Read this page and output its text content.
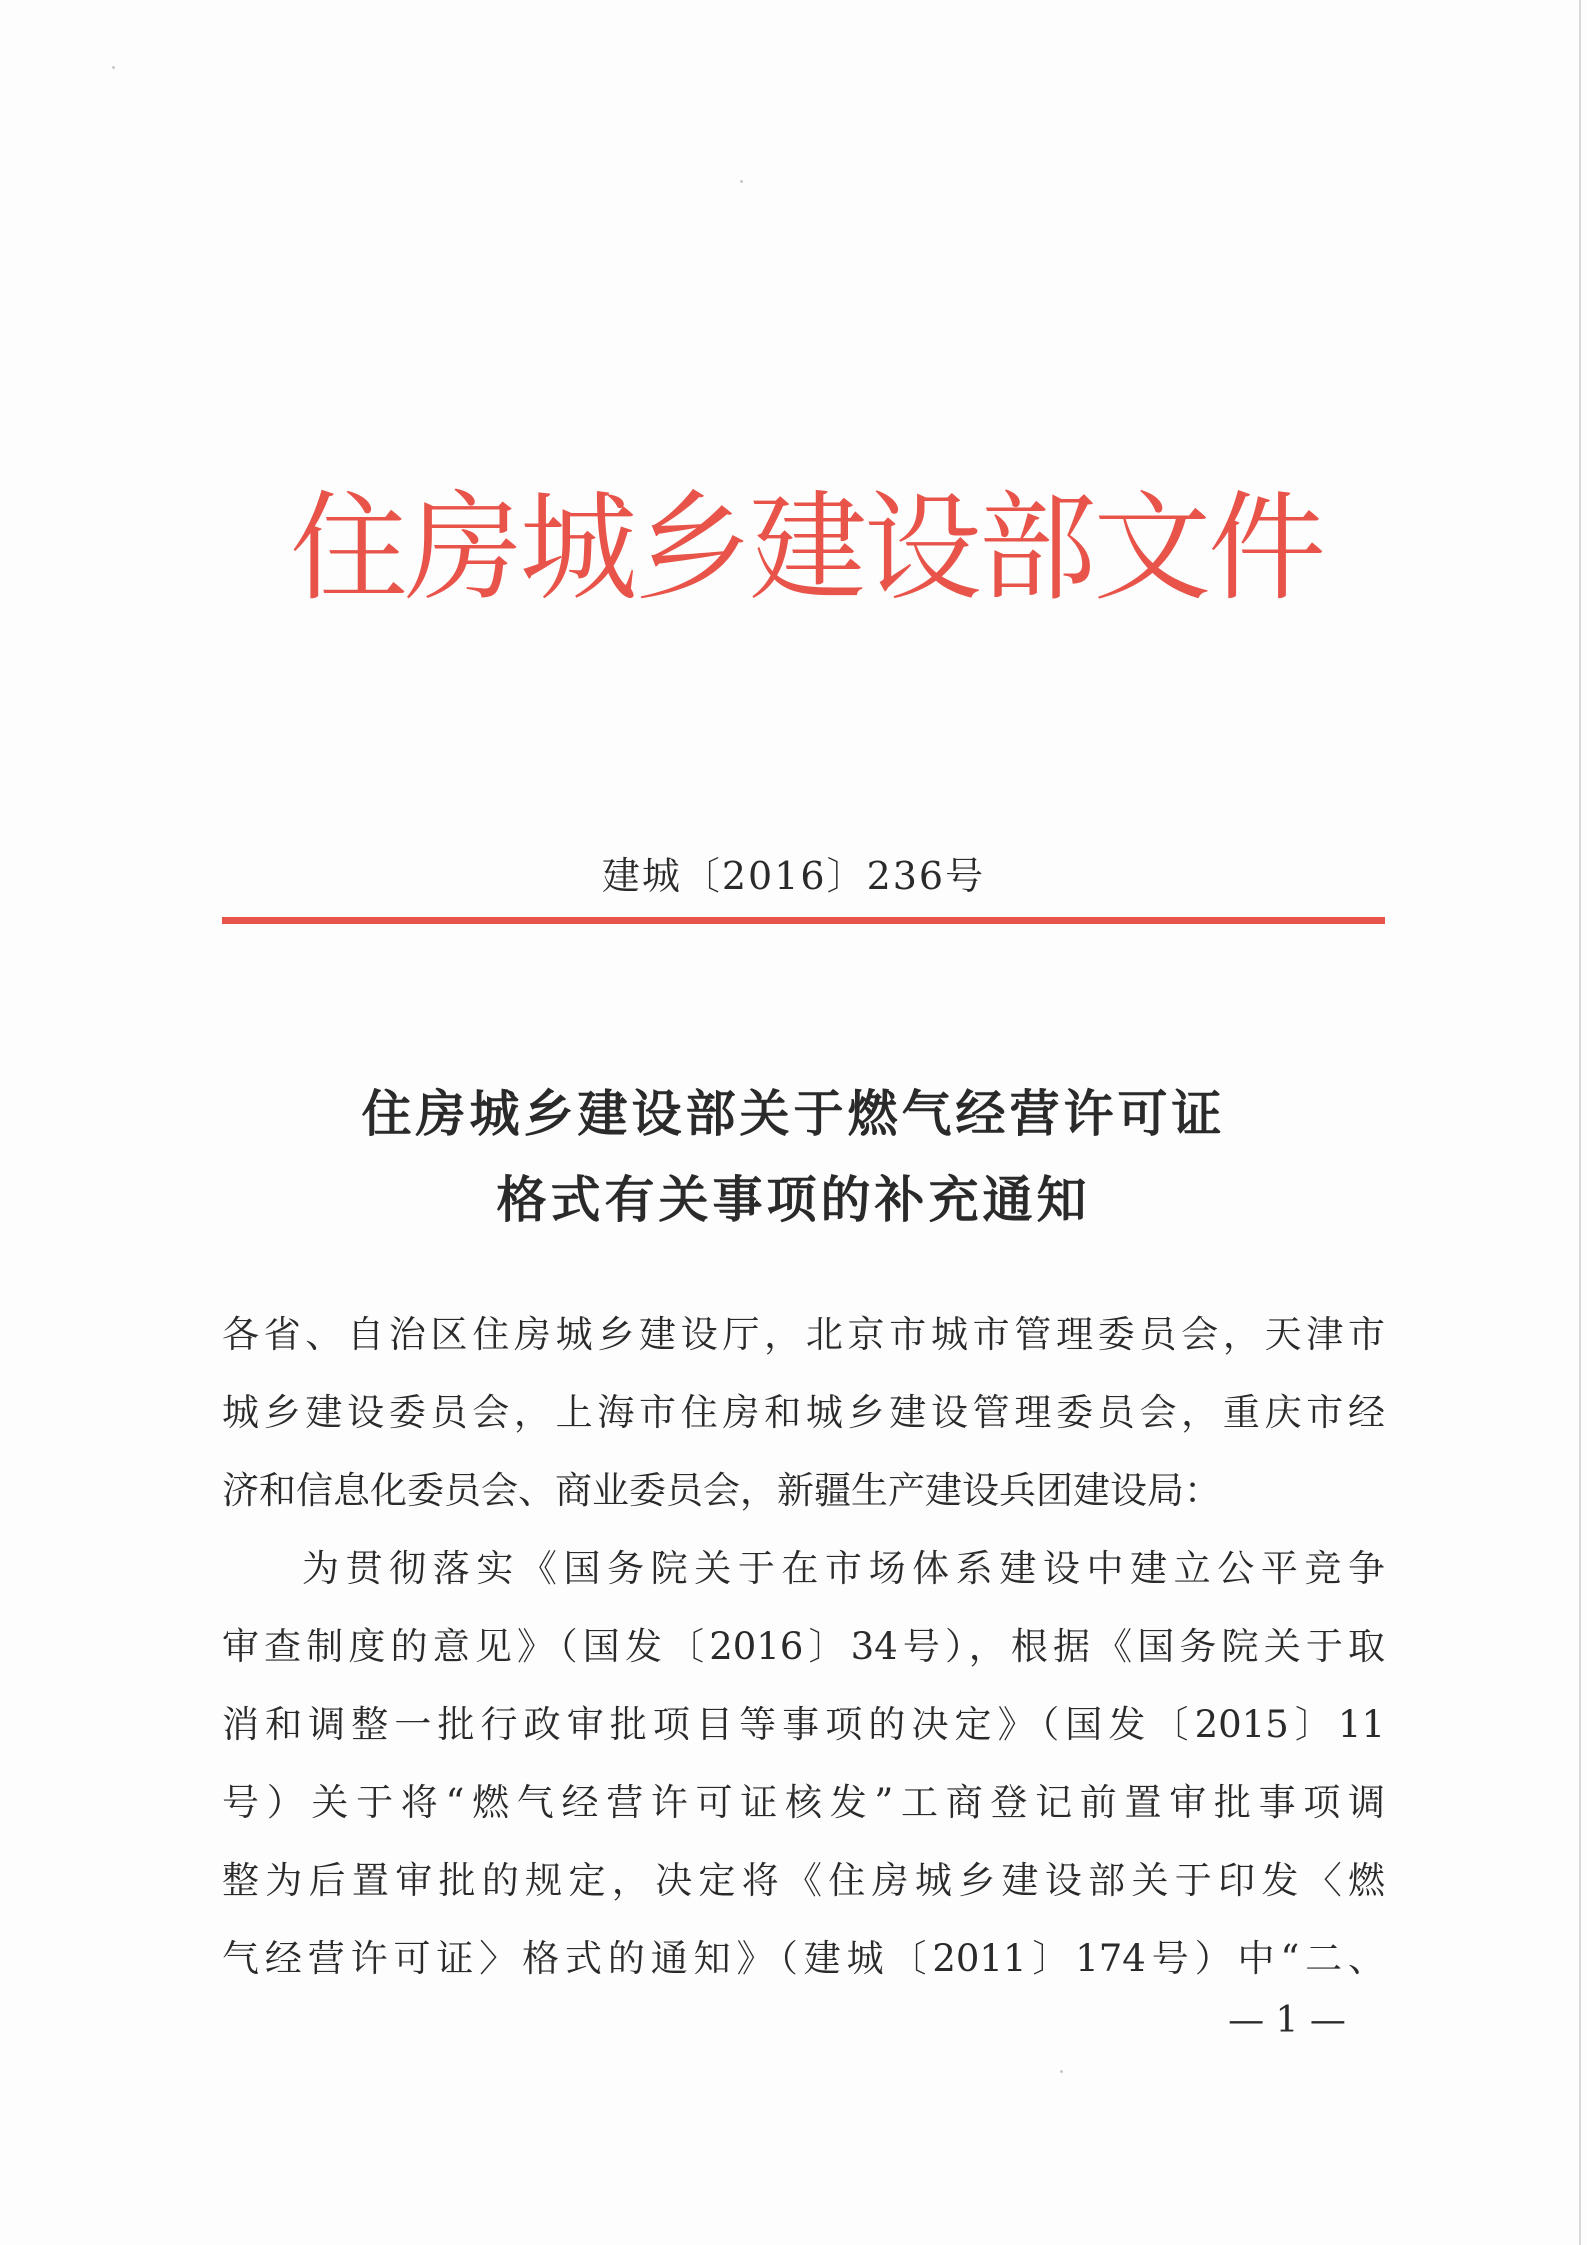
住
房
城
乡
建
设
部
文
件
建城〔2016〕236号
住房城乡建设部关于燃气经营许可证
格式有关事项的补充通知
各省、自治区住房城乡建设厅，北京市城市管理委员会，天津市
城乡建设委员会，上海市住房和城乡建设管理委员会，重庆市经
济和信息化委员会、商业委员会，新疆生产建设兵团建设局：
为贯彻落实《国务院关于在市场体系建设中建立公平竞争
审查制度的意见》（国发〔2016〕34号），根据《国务院关于取
消和调整一批行政审批项目等事项的决定》（国发〔2015〕11
号）关于将“燃气经营许可证核发”工商登记前置审批事项调
整为后置审批的规定，决定将《住房城乡建设部关于印发〈燃
气经营许可证〉格式的通知》（建城〔2011〕174号）中“二、
— 1 —
